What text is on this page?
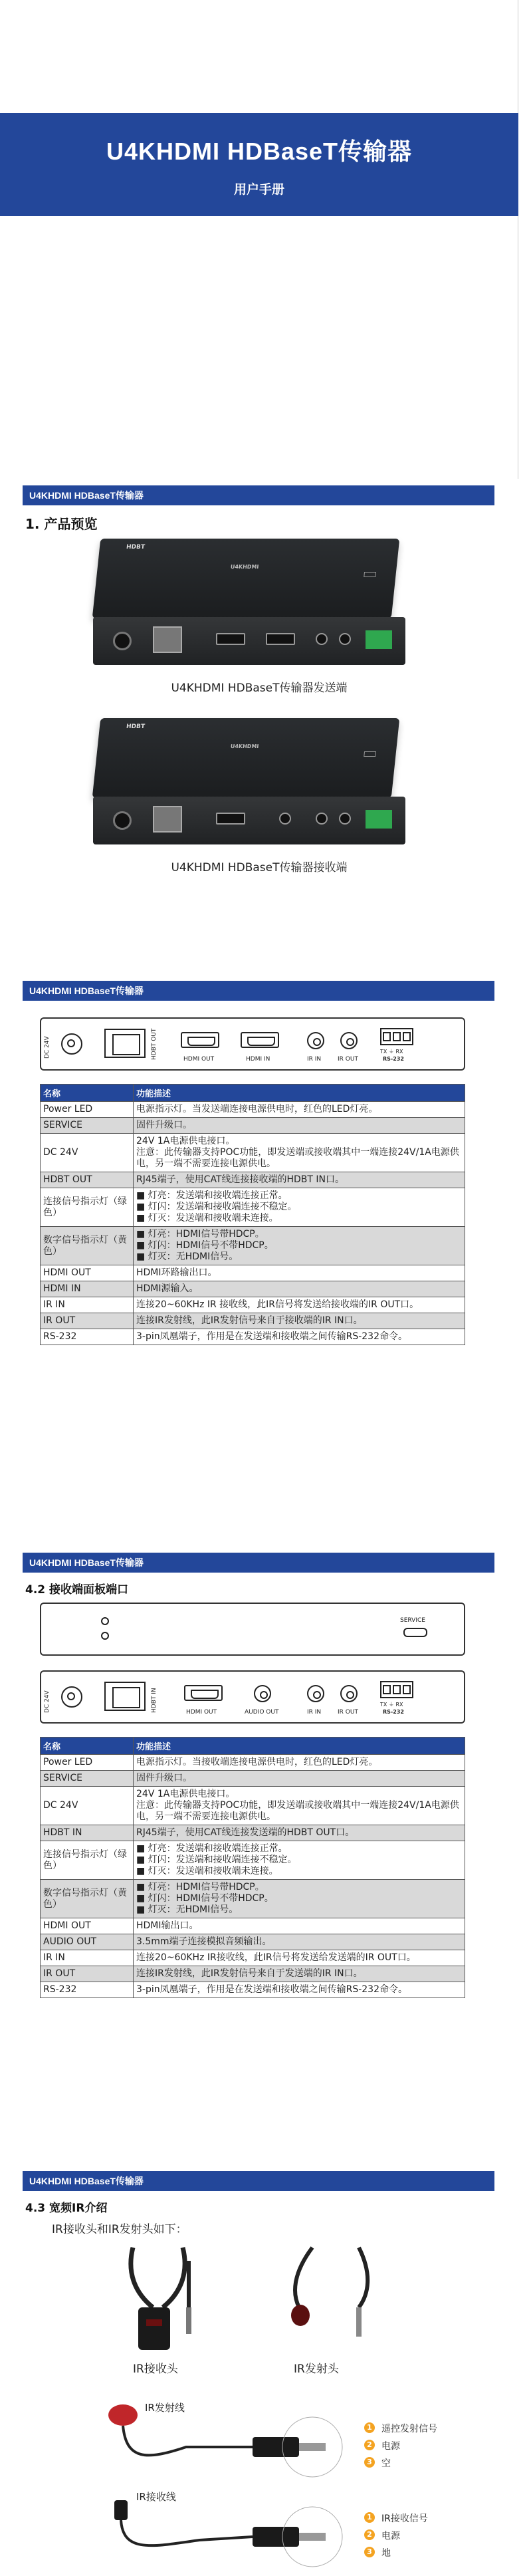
U4KHDMI HDBaseT传输器
用户手册
U4KHDMI HDBaseT传输器
1. 产品预览
HDBT
U4KHDMI
U4KHDMI HDBaseT传输器发送端
HDBT
U4KHDMI
U4KHDMI HDBaseT传输器接收端
U4KHDMI HDBaseT传输器
DC 24V	HDBT OUT	HDMI OUT	HDMI IN	IR IN	IR OUT
TX ⏚ RX
RS-232
名称	功能描述
Power LED	电源指示灯。当发送端连接电源供电时，红色的LED灯亮。

SERVICE	固件升级口。

DC 24V	24V 1A电源供电接口。
注意：此传输器支持POC功能，即发送端或接收端其中一端连接24V/1A电源供电，另一端不需要连接电源供电。

HDBT OUT	RJ45端子，使用CAT线连接接收端的HDBT IN口。

连接信号指示灯（绿色）	■ 灯亮：发送端和接收端连接正常。
■ 灯闪：发送端和接收端连接不稳定。
■ 灯灭：发送端和接收端未连接。

数字信号指示灯（黄色）	■ 灯亮：HDMI信号带HDCP。
■ 灯闪：HDMI信号不带HDCP。
■ 灯灭：无HDMI信号。

HDMI OUT	HDMI环路输出口。

HDMI IN	HDMI源输入。

IR IN	连接20~60KHz IR 接收线，此IR信号将发送给接收端的IR OUT口。

IR OUT	连接IR发射线，此IR发射信号来自于接收端的IR IN口。

RS-232	3-pin凤凰端子，作用是在发送端和接收端之间传输RS-232命令。
U4KHDMI HDBaseT传输器
4.2 接收端面板端口
SERVICE
DC 24V	HDBT IN	HDMI OUT	AUDIO OUT	IR IN	IR OUT
TX ⏚ RX
RS-232
名称	功能描述
Power LED	电源指示灯。当接收端连接电源供电时，红色的LED灯亮。

SERVICE	固件升级口。

DC 24V	24V 1A电源供电接口。
注意：此传输器支持POC功能，即发送端或接收端其中一端连接24V/1A电源供电，另一端不需要连接电源供电。

HDBT IN	RJ45端子，使用CAT线连接发送端的HDBT OUT口。

连接信号指示灯（绿色）	■ 灯亮：发送端和接收端连接正常。
■ 灯闪：发送端和接收端连接不稳定。
■ 灯灭：发送端和接收端未连接。

数字信号指示灯（黄色）	■ 灯亮：HDMI信号带HDCP。
■ 灯闪：HDMI信号不带HDCP。
■ 灯灭：无HDMI信号。

HDMI OUT	HDMI输出口。

AUDIO OUT	3.5mm端子连接模拟音频输出。

IR IN	连接20~60KHz IR接收线，此IR信号将发送给发送端的IR OUT口。

IR OUT	连接IR发射线，此IR发射信号来自于发送端的IR IN口。

RS-232	3-pin凤凰端子，作用是在发送端和接收端之间传输RS-232命令。
U4KHDMI HDBaseT传输器
4.3 宽频IR介绍
IR接收头和IR发射头如下：
IR接收头	IR发射头
IR发射线
IR接收线
1 遥控发射信号
2 电源
3 空
1 IR接收信号
2 电源
3 地
